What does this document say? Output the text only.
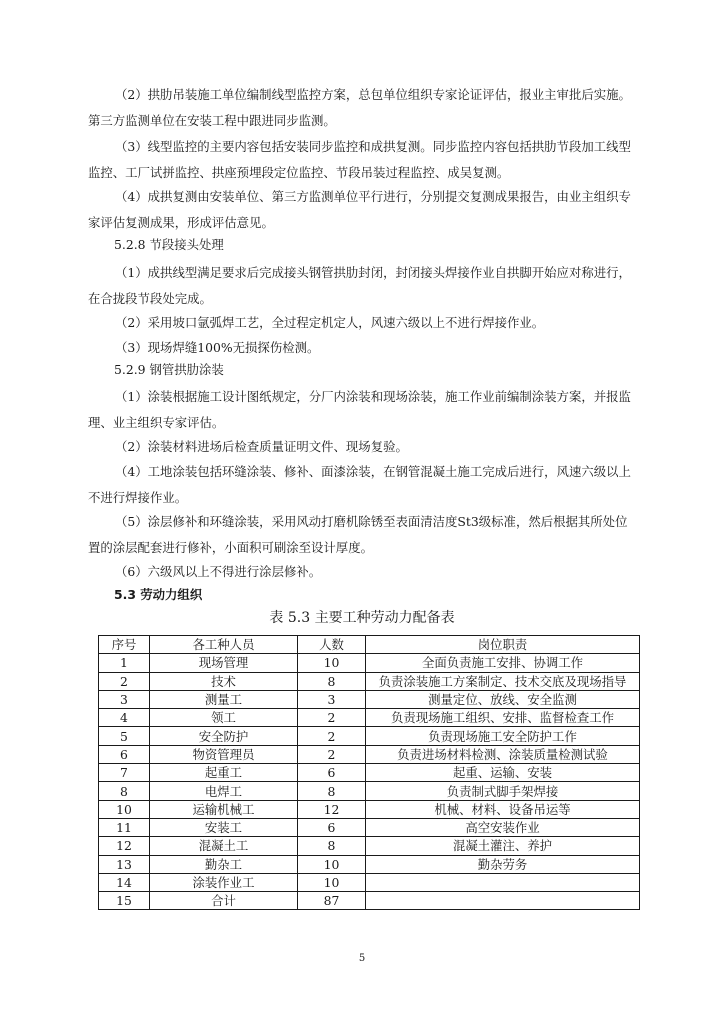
（2）拱肋吊装施工单位编制线型监控方案，总包单位组织专家论证评估，报业主审批后实施。
第三方监测单位在安装工程中跟进同步监测。
（3）线型监控的主要内容包括安装同步监控和成拱复测。同步监控内容包括拱肋节段加工线型
监控、工厂试拼监控、拱座预埋段定位监控、节段吊装过程监控、成吴复测。
（4）成拱复测由安装单位、第三方监测单位平行进行，分别提交复测成果报告，由业主组织专
家评估复测成果，形成评估意见。

5.2.8 节段接头处理

（1）成拱线型满足要求后完成接头钢管拱肋封闭，封闭接头焊接作业自拱脚开始应对称进行，
在合拢段节段处完成。
（2）采用坡口氩弧焊工艺，全过程定机定人，风速六级以上不进行焊接作业。
（3）现场焊缝100%无损探伤检测。

5.2.9 钢管拱肋涂装

（1）涂装根据施工设计图纸规定，分厂内涂装和现场涂装，施工作业前编制涂装方案，并报监
理、业主组织专家评估。
（2）涂装材料进场后检查质量证明文件、现场复验。
（4）工地涂装包括环缝涂装、修补、面漆涂装，在钢管混凝土施工完成后进行，风速六级以上
不进行焊接作业。
（5）涂层修补和环缝涂装，采用风动打磨机除锈至表面清洁度St3级标准，然后根据其所处位
置的涂层配套进行修补，小面积可刷涂至设计厚度。
（6）六级风以上不得进行涂层修补。

5.3 劳动力组织

表 5.3 主要工种劳动力配备表

序号	各工种人员	人数	岗位职责
1	现场管理	10	全面负责施工安排、协调工作
2	技术	8	负责涂装施工方案制定、技术交底及现场指导
3	测量工	3	测量定位、放线、安全监测
4	领工	2	负责现场施工组织、安排、监督检查工作
5	安全防护	2	负责现场施工安全防护工作
6	物资管理员	2	负责进场材料检测、涂装质量检测试验
7	起重工	6	起重、运输、安装
8	电焊工	8	负责制式脚手架焊接
10	运输机械工	12	机械、材料、设备吊运等
11	安装工	6	高空安装作业
12	混凝土工	8	混凝土灌注、养护
13	勤杂工	10	勤杂劳务
14	涂装作业工	10	
15	合计	87	
5
